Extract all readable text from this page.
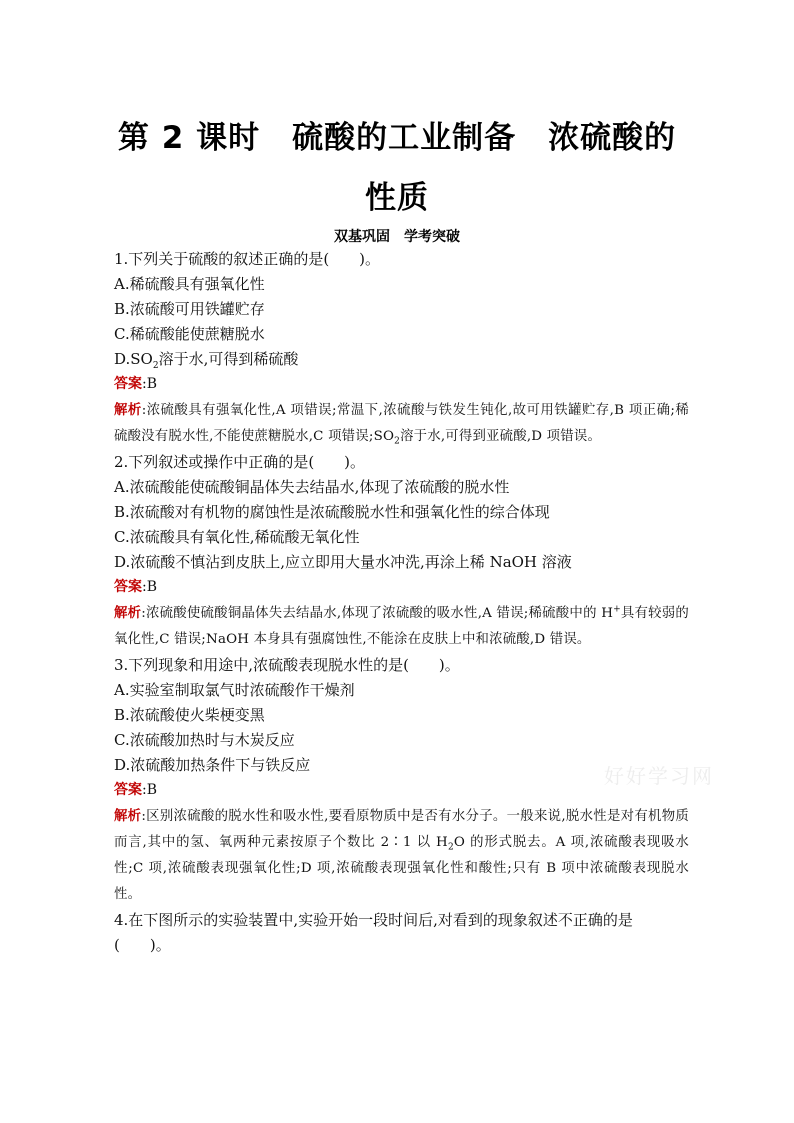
第 2 课时　硫酸的工业制备　浓硫酸的
性质
双基巩固　学考突破
1.下列关于硫酸的叙述正确的是(　　)。
A.稀硫酸具有强氧化性
B.浓硫酸可用铁罐贮存
C.稀硫酸能使蔗糖脱水
$D.SO_2$溶于水,可得到稀硫酸
答案:B
解析:浓硫酸具有强氧化性,A 项错误;常温下,浓硫酸与铁发生钝化,故可用铁罐贮存,B 项正确;稀硫酸没有脱水性,不能使蔗糖脱水,C 项错误$;SO_2$溶于水,可得到亚硫酸,D 项错误。
2.下列叙述或操作中正确的是(　　)。
A.浓硫酸能使硫酸铜晶体失去结晶水,体现了浓硫酸的脱水性
B.浓硫酸对有机物的腐蚀性是浓硫酸脱水性和强氧化性的综合体现
C.浓硫酸具有氧化性,稀硫酸无氧化性
D.浓硫酸不慎沾到皮肤上,应立即用大量水冲洗,再涂上稀 NaOH 溶液
答案:B
解析:浓硫酸使硫酸铜晶体失去结晶水,体现了浓硫酸的吸水性,A 错误;稀硫酸中的 H+具有较弱的氧化性,C 错误;NaOH 本身具有强腐蚀性,不能涂在皮肤上中和浓硫酸,D 错误。
3.下列现象和用途中,浓硫酸表现脱水性的是(　　)。
A.实验室制取氯气时浓硫酸作干燥剂
B.浓硫酸使火柴梗变黑
C.浓硫酸加热时与木炭反应
D.浓硫酸加热条件下与铁反应
答案:B
解析:区别浓硫酸的脱水性和吸水性,要看原物质中是否有水分子。一般来说,脱水性是对有机物质而言,其中的氢、氧两种元素按原子个数比 2∶1 以 $H_2O$ 的形式脱去。A 项,浓硫酸表现吸水性;C 项,浓硫酸表现强氧化性;D 项,浓硫酸表现强氧化性和酸性;只有 B 项中浓硫酸表现脱水性。
4.在下图所示的实验装置中,实验开始一段时间后,对看到的现象叙述不正确的是
(　　)。
好好学习网
